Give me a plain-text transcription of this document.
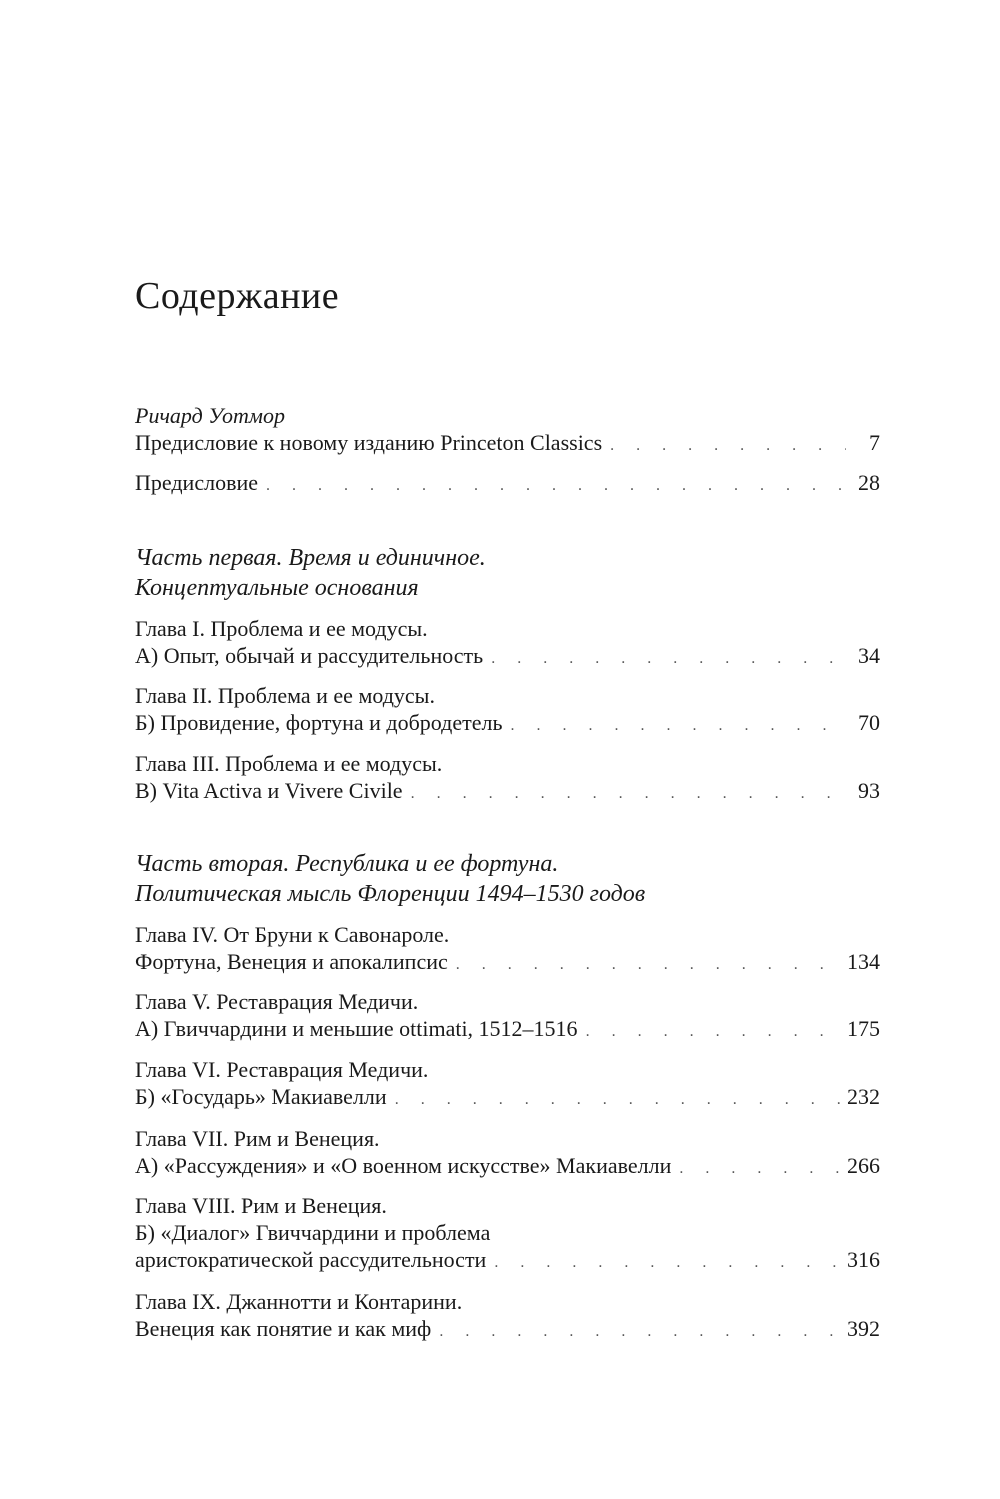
Содержание
Ричард Уотмор
Предисловие к новому изданию Princeton Classics . . .	7
Предисловие . . .	28
Часть первая. Время и единичное.
Концептуальные основания
Глава I. Проблема и ее модусы.
А) Опыт, обычай и рассудительность . . .	34
Глава II. Проблема и ее модусы.
Б) Провидение, фортуна и добродетель . . .	70
Глава III. Проблема и ее модусы.
В) Vita Activa и Vivere Civile . . .	93
Часть вторая. Республика и ее фортуна.
Политическая мысль Флоренции 1494–1530 годов
Глава IV. От Бруни к Савонароле.
Фортуна, Венеция и апокалипсис . . .	134
Глава V. Реставрация Медичи.
А) Гвиччардини и меньшие ottimati, 1512–1516 . . .	175
Глава VI. Реставрация Медичи.
Б) «Государь» Макиавелли . . .	232
Глава VII. Рим и Венеция.
А) «Рассуждения» и «О военном искусстве» Макиавелли . . .	266
Глава VIII. Рим и Венеция.
Б) «Диалог» Гвиччардини и проблема
аристократической рассудительности . . .	316
Глава IX. Джаннотти и Контарини.
Венеция как понятие и как миф . . .	392
